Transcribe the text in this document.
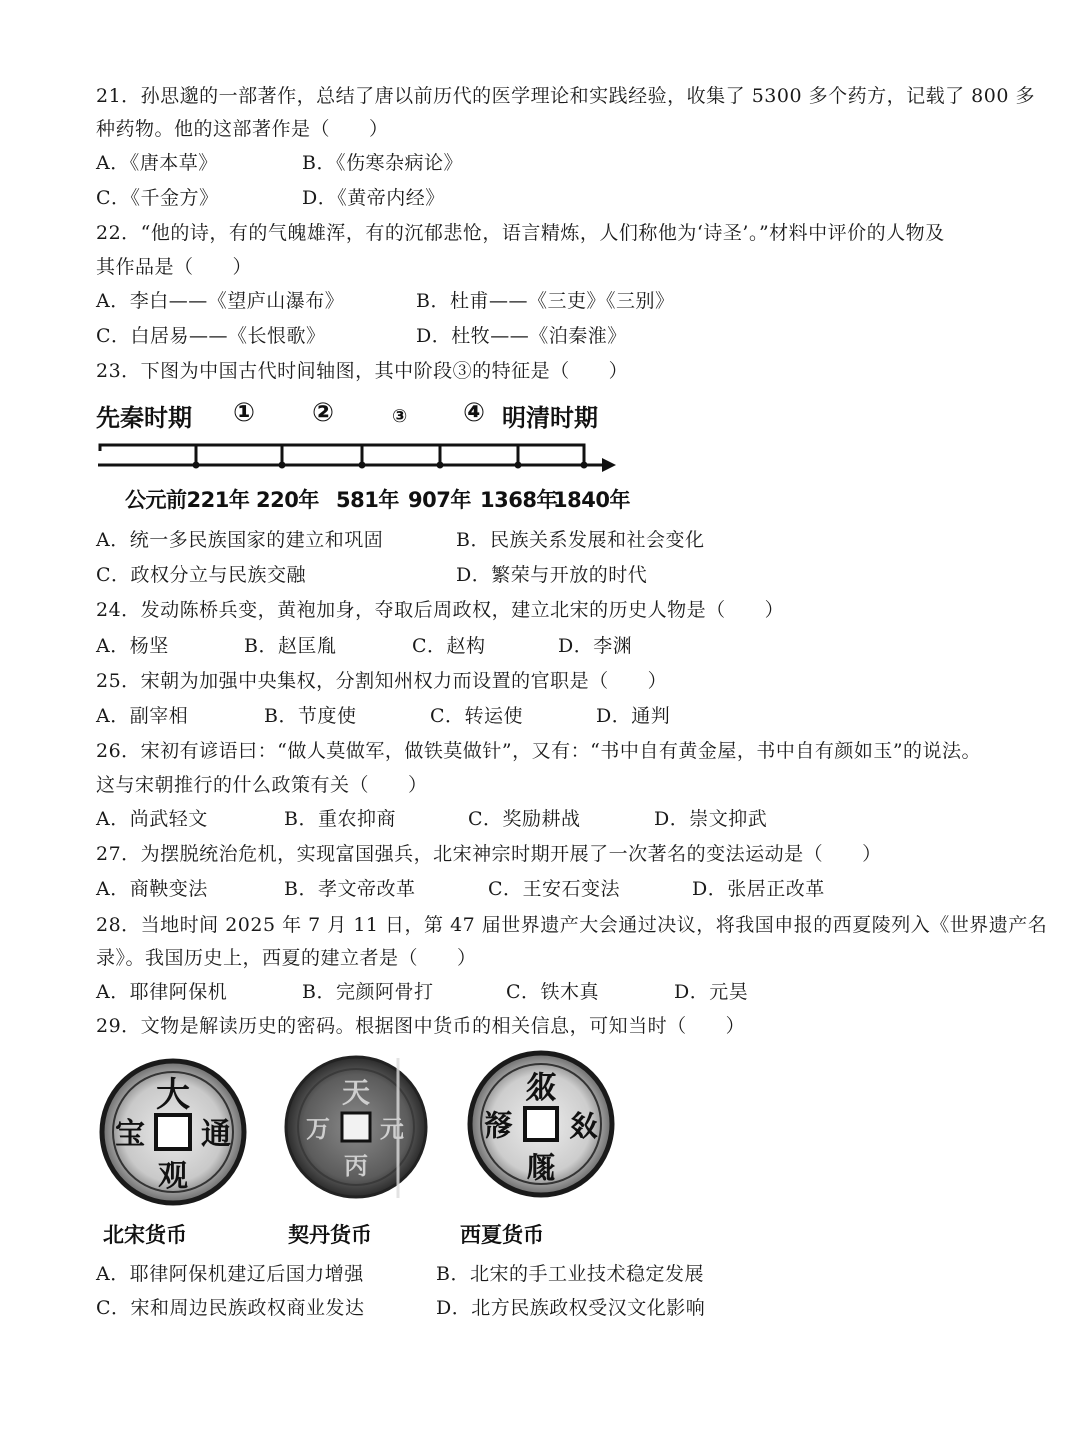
21．孙思邈的一部著作，总结了唐以前历代的医学理论和实践经验，收集了 5300 多个药方，记载了 800 多
种药物。他的这部著作是（　　）
A．《唐本草》	B．《伤寒杂病论》
C．《千金方》	D．《黄帝内经》
22．“他的诗，有的气魄雄浑，有的沉郁悲怆，语言精炼，人们称他为‘诗圣’。”材料中评价的人物及
其作品是（　　）
A．李白——《望庐山瀑布》	B．杜甫——《三吏》《三别》
C．白居易——《长恨歌》	D．杜牧——《泊秦淮》
23．下图为中国古代时间轴图，其中阶段③的特征是（　　）
先秦时期 ① ②	③ ④ 明清时期
公元前221年 220年 581年 907年 1368年
1840年
A．统一多民族国家的建立和巩固	B．民族关系发展和社会变化
C．政权分立与民族交融	D．繁荣与开放的时代
24．发动陈桥兵变，黄袍加身，夺取后周政权，建立北宋的历史人物是（　　）
A．杨坚	B．赵匡胤	C．赵构	D．李渊
25．宋朝为加强中央集权，分割知州权力而设置的官职是（　　）
A．副宰相	B．节度使	C．转运使	D．通判
26．宋初有谚语曰：“做人莫做军，做铁莫做针”，又有：“书中自有黄金屋，书中自有颜如玉”的说法。
这与宋朝推行的什么政策有关（　　）
A．尚武轻文	B．重农抑商	C．奖励耕战	D．崇文抑武
27．为摆脱统治危机，实现富国强兵，北宋神宗时期开展了一次著名的变法运动是（　　）
A．商鞅变法	B．孝文帝改革	C．王安石变法	D．张居正改革
28．当地时间 2025 年 7 月 11 日，第 47 届世界遗产大会通过决议，将我国申报的西夏陵列入《世界遗产名
录》。我国历史上，西夏的建立者是（　　）
A．耶律阿保机	B．完颜阿骨打	C．铁木真	D．元昊
29．文物是解读历史的密码。根据图中货币的相关信息，可知当时（　　）
大
通
观
宝
天
元
丙
万
𗼇
𗾈
𗅲
𘃡
北宋货币	契丹货币	西夏货币
A．耶律阿保机建辽后国力增强	B．北宋的手工业技术稳定发展
C．宋和周边民族政权商业发达	D．北方民族政权受汉文化影响
